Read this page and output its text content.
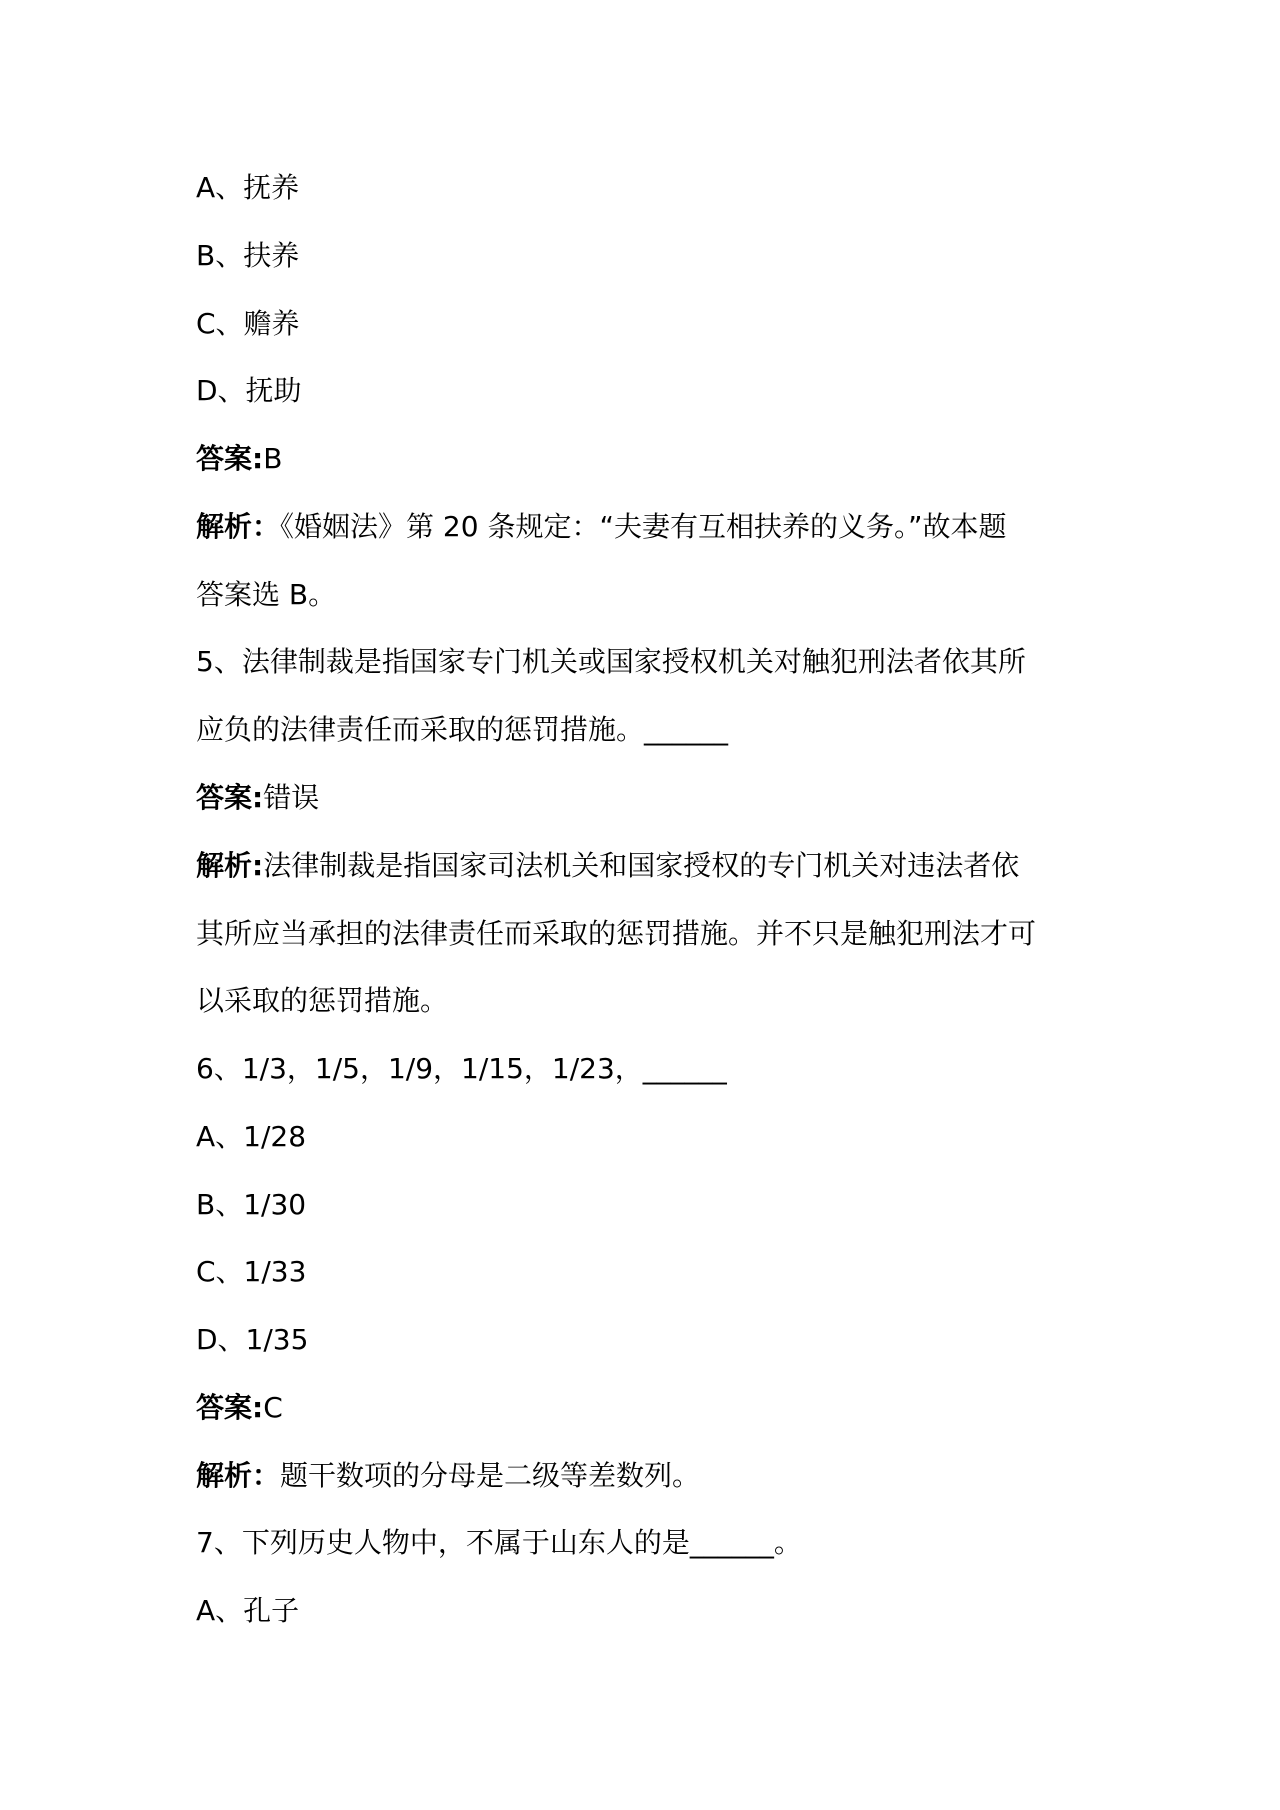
A、抚养
B、扶养
C、赡养
D、抚助
答案:B
解析：《婚姻法》第 20 条规定：“夫妻有互相扶养的义务。”故本题
答案选 B。
5、法律制裁是指国家专门机关或国家授权机关对触犯刑法者依其所
应负的法律责任而采取的惩罚措施。______
答案:错误
解析:法律制裁是指国家司法机关和国家授权的专门机关对违法者依
其所应当承担的法律责任而采取的惩罚措施。并不只是触犯刑法才可
以采取的惩罚措施。
6、1/3，1/5，1/9，1/15，1/23，______
A、1/28
B、1/30
C、1/33
D、1/35
答案:C
解析：题干数项的分母是二级等差数列。
7、下列历史人物中，不属于山东人的是______。
A、孔子
